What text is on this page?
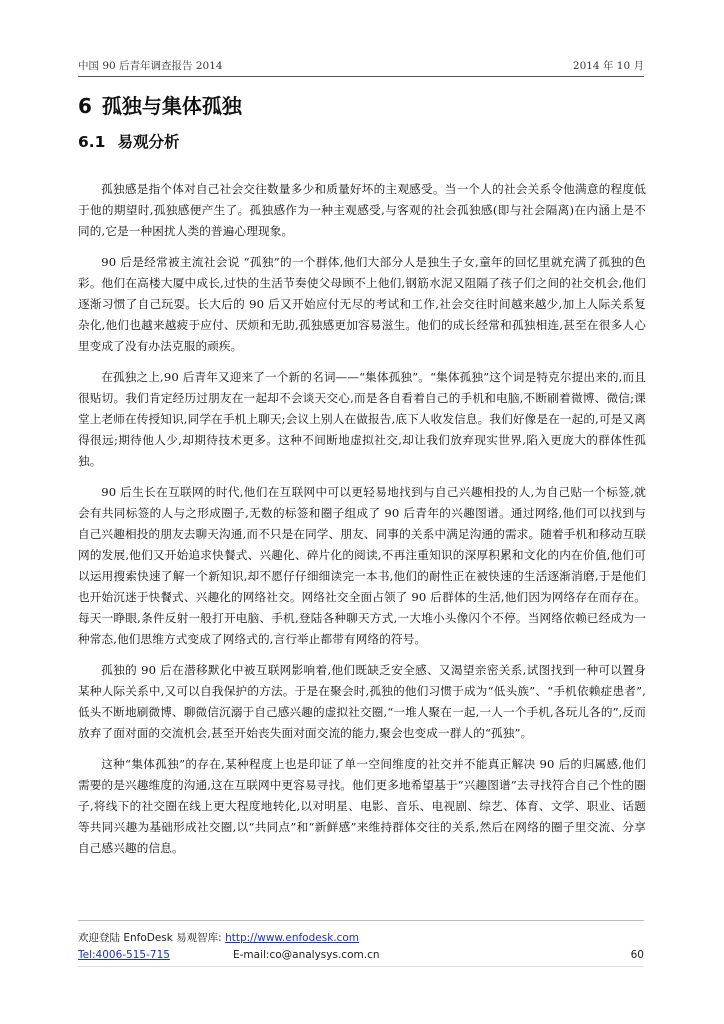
中国 90 后青年调查报告 2014	2014 年 10 月
6 孤独与集体孤独
6.1 易观分析

孤独感是指个体对自己社会交往数量多少和质量好坏的主观感受。当一个人的社会关系令他满意的程度低于他的期望时,孤独感便产生了。孤独感作为一种主观感受,与客观的社会孤独感(即与社会隔离)在内涵上是不同的,它是一种困扰人类的普遍心理现象。

90 后是经常被主流社会说 “孤独”的一个群体,他们大部分人是独生子女,童年的回忆里就充满了孤独的色彩。他们在高楼大厦中成长,过快的生活节奏使父母顾不上他们,钢筋水泥又阻隔了孩子们之间的社交机会,他们逐渐习惯了自己玩耍。长大后的 90 后又开始应付无尽的考试和工作,社会交往时间越来越少,加上人际关系复杂化,他们也越来越疲于应付、厌烦和无助,孤独感更加容易滋生。他们的成长经常和孤独相连,甚至在很多人心里变成了没有办法克服的顽疾。

在孤独之上,90 后青年又迎来了一个新的名词——“集体孤独”。“集体孤独”这个词是特克尔提出来的,而且很贴切。我们肯定经历过朋友在一起却不会谈天交心,而是各自看着自己的手机和电脑,不断刷着微博、微信;课堂上老师在传授知识,同学在手机上聊天;会议上别人在做报告,底下人收发信息。我们好像是在一起的,可是又离得很远;期待他人少,却期待技术更多。这种不间断地虚拟社交,却让我们放弃现实世界,陷入更庞大的群体性孤独。

90 后生长在互联网的时代,他们在互联网中可以更轻易地找到与自己兴趣相投的人,为自己贴一个标签,就会有共同标签的人与之形成圈子,无数的标签和圈子组成了 90 后青年的兴趣图谱。通过网络,他们可以找到与自己兴趣相投的朋友去聊天沟通,而不只是在同学、朋友、同事的关系中满足沟通的需求。随着手机和移动互联网的发展,他们又开始追求快餐式、兴趣化、碎片化的阅读,不再注重知识的深厚积累和文化的内在价值,他们可以运用搜索快速了解一个新知识,却不愿仔仔细细读完一本书,他们的耐性正在被快速的生活逐渐消磨,于是他们也开始沉迷于快餐式、兴趣化的网络社交。网络社交全面占领了 90 后群体的生活,他们因为网络存在而存在。每天一睁眼,条件反射一般打开电脑、手机,登陆各种聊天方式,一大堆小头像闪个不停。当网络依赖已经成为一种常态,他们思维方式变成了网络式的,言行举止都带有网络的符号。

孤独的 90 后在潜移默化中被互联网影响着,他们既缺乏安全感、又渴望亲密关系,试图找到一种可以置身某种人际关系中,又可以自我保护的方法。于是在聚会时,孤独的他们习惯于成为“低头族”、“手机依赖症患者”,低头不断地刷微博、聊微信沉溺于自己感兴趣的虚拟社交圈,“一堆人聚在一起,一人一个手机,各玩儿各的”,反而放弃了面对面的交流机会,甚至开始丧失面对面交流的能力,聚会也变成一群人的“孤独”。

这种“集体孤独”的存在,某种程度上也是印证了单一空间维度的社交并不能真正解决 90 后的归属感,他们需要的是兴趣维度的沟通,这在互联网中更容易寻找。他们更多地希望基于“兴趣图谱”去寻找符合自己个性的圈子,将线下的社交圈在线上更大程度地转化,以对明星、电影、音乐、电视剧、综艺、体育、文学、职业、话题等共同兴趣为基础形成社交圈,以“共同点”和“新鲜感”来维持群体交往的关系,然后在网络的圈子里交流、分享自己感兴趣的信息。

欢迎登陆 EnfoDesk 易观智库: http://www.enfodesk.com
Tel:4006-515-715	E-mail:co@analysys.com.cn	60
